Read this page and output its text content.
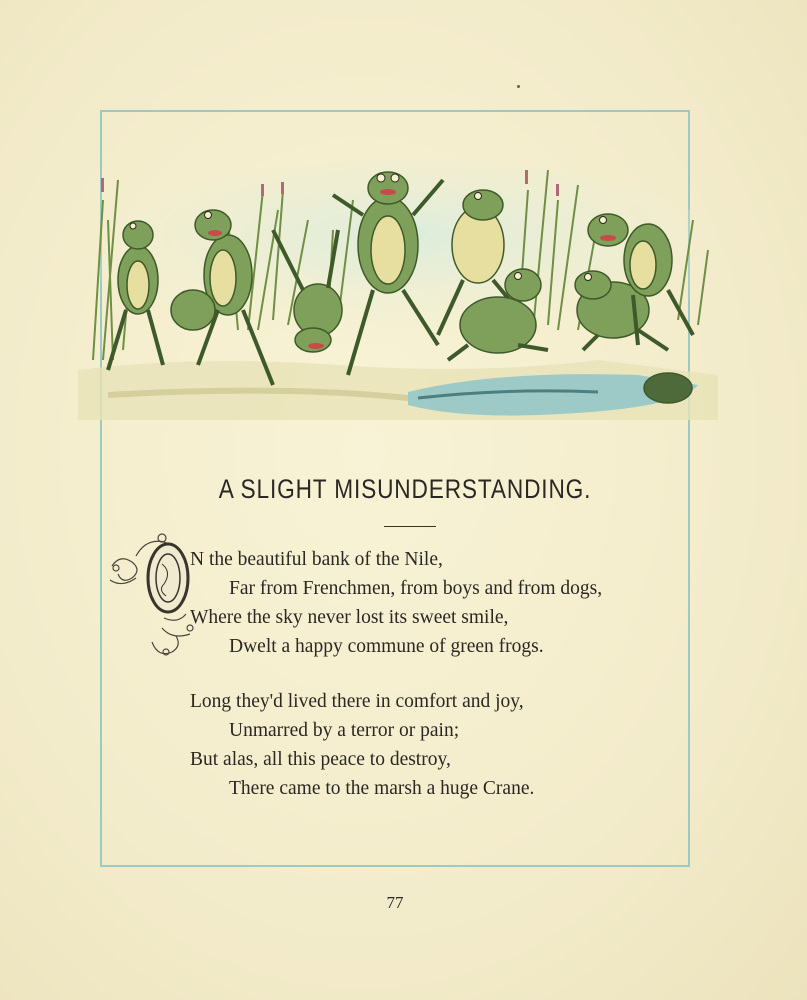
A SLIGHT MISUNDERSTANDING.
N the beautiful bank of the Nile,
Far from Frenchmen, from boys and from dogs,
Where the sky never lost its sweet smile,
Dwelt a happy commune of green frogs.
Long they'd lived there in comfort and joy,
Unmarred by a terror or pain;
But alas, all this peace to destroy,
There came to the marsh a huge Crane.
77
